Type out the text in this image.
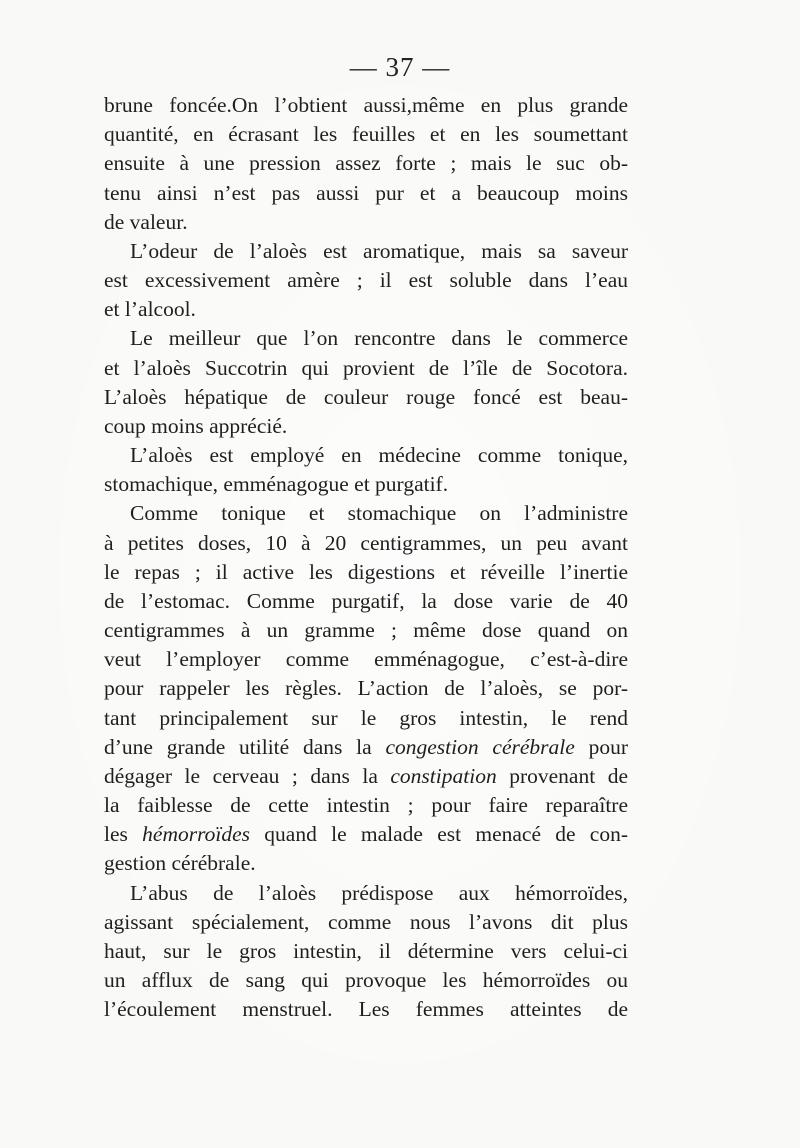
— 37 —
brune foncée.On l’obtient aussi,même en plus grande
quantité, en écrasant les feuilles et en les soumettant
ensuite à une pression assez forte ; mais le suc ob-
tenu ainsi n’est pas aussi pur et a beaucoup moins
de valeur.
L’odeur de l’aloès est aromatique, mais sa saveur
est excessivement amère ; il est soluble dans l’eau
et l’alcool.
Le meilleur que l’on rencontre dans le commerce
et l’aloès Succotrin qui provient de l’île de Socotora.
L’aloès hépatique de couleur rouge foncé est beau-
coup moins apprécié.
L’aloès est employé en médecine comme tonique,
stomachique, emménagogue et purgatif.
Comme tonique et stomachique on l’administre
à petites doses, 10 à 20 centigrammes, un peu avant
le repas ; il active les digestions et réveille l’inertie
de l’estomac. Comme purgatif, la dose varie de 40
centigrammes à un gramme ; même dose quand on
veut l’employer comme emménagogue, c’est-à-dire
pour rappeler les règles. L’action de l’aloès, se por-
tant principalement sur le gros intestin, le rend
d’une grande utilité dans la congestion cérébrale pour
dégager le cerveau ; dans la constipation provenant de
la faiblesse de cette intestin ; pour faire reparaître
les hémorroïdes quand le malade est menacé de con-
gestion cérébrale.
L’abus de l’aloès prédispose aux hémorroïdes,
agissant spécialement, comme nous l’avons dit plus
haut, sur le gros intestin, il détermine vers celui-ci
un afflux de sang qui provoque les hémorroïdes ou
l’écoulement menstruel. Les femmes atteintes de
